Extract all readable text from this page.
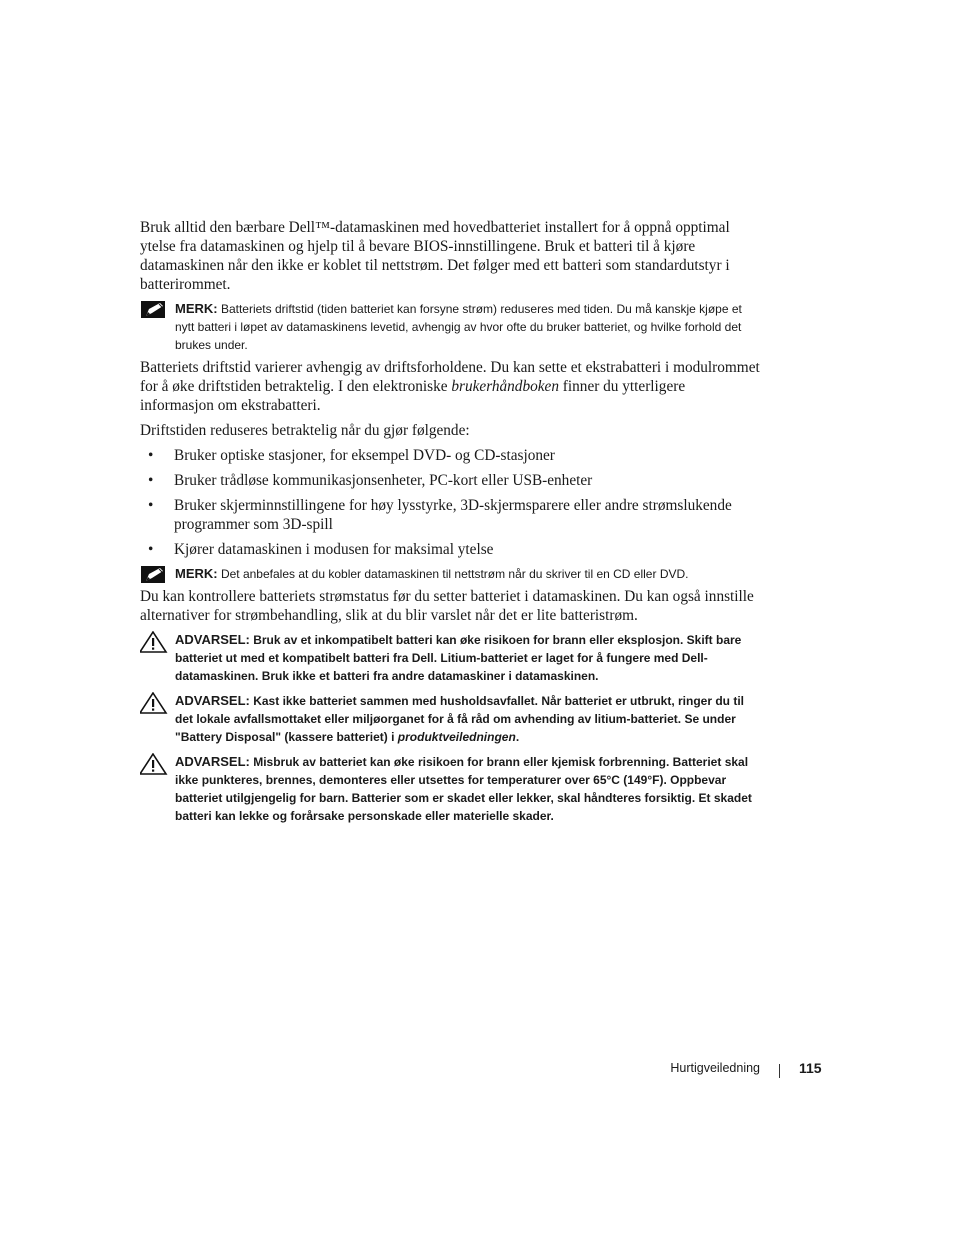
Bruk alltid den bærbare Dell™-datamaskinen med hovedbatteriet installert for å oppnå opptimal ytelse fra datamaskinen og hjelp til å bevare BIOS-innstillingene. Bruk et batteri til å kjøre datamaskinen når den ikke er koblet til nettstrøm. Det følger med ett batteri som standardutstyr i batterirommet.

MERK: Batteriets driftstid (tiden batteriet kan forsyne strøm) reduseres med tiden. Du må kanskje kjøpe et nytt batteri i løpet av datamaskinens levetid, avhengig av hvor ofte du bruker batteriet, og hvilke forhold det brukes under.

Batteriets driftstid varierer avhengig av driftsforholdene. Du kan sette et ekstrabatteri i modulrommet for å øke driftstiden betraktelig. I den elektroniske brukerhåndboken finner du ytterligere informasjon om ekstrabatteri.

Driftstiden reduseres betraktelig når du gjør følgende:

• Bruker optiske stasjoner, for eksempel DVD- og CD-stasjoner
• Bruker trådløse kommunikasjonsenheter, PC-kort eller USB-enheter
• Bruker skjerminnstillingene for høy lysstyrke, 3D-skjermsparere eller andre strømslukende programmer som 3D-spill
• Kjører datamaskinen i modusen for maksimal ytelse
MERK: Det anbefales at du kobler datamaskinen til nettstrøm når du skriver til en CD eller DVD.

Du kan kontrollere batteriets strømstatus før du setter batteriet i datamaskinen. Du kan også innstille alternativer for strømbehandling, slik at du blir varslet når det er lite batteristrøm.

ADVARSEL: Bruk av et inkompatibelt batteri kan øke risikoen for brann eller eksplosjon. Skift bare batteriet ut med et kompatibelt batteri fra Dell. Litium-batteriet er laget for å fungere med Dell-datamaskinen. Bruk ikke et batteri fra andre datamaskiner i datamaskinen.
ADVARSEL: Kast ikke batteriet sammen med husholdsavfallet. Når batteriet er utbrukt, ringer du til det lokale avfallsmottaket eller miljøorganet for å få råd om avhending av litium-batteriet. Se under "Battery Disposal" (kassere batteriet) i produktveiledningen.
ADVARSEL: Misbruk av batteriet kan øke risikoen for brann eller kjemisk forbrenning. Batteriet skal ikke punkteres, brennes, demonteres eller utsettes for temperaturer over 65°C (149°F). Oppbevar batteriet utilgjengelig for barn. Batterier som er skadet eller lekker, skal håndteres forsiktig. Et skadet batteri kan lekke og forårsake personskade eller materielle skader.
Hurtigveiledning	115
